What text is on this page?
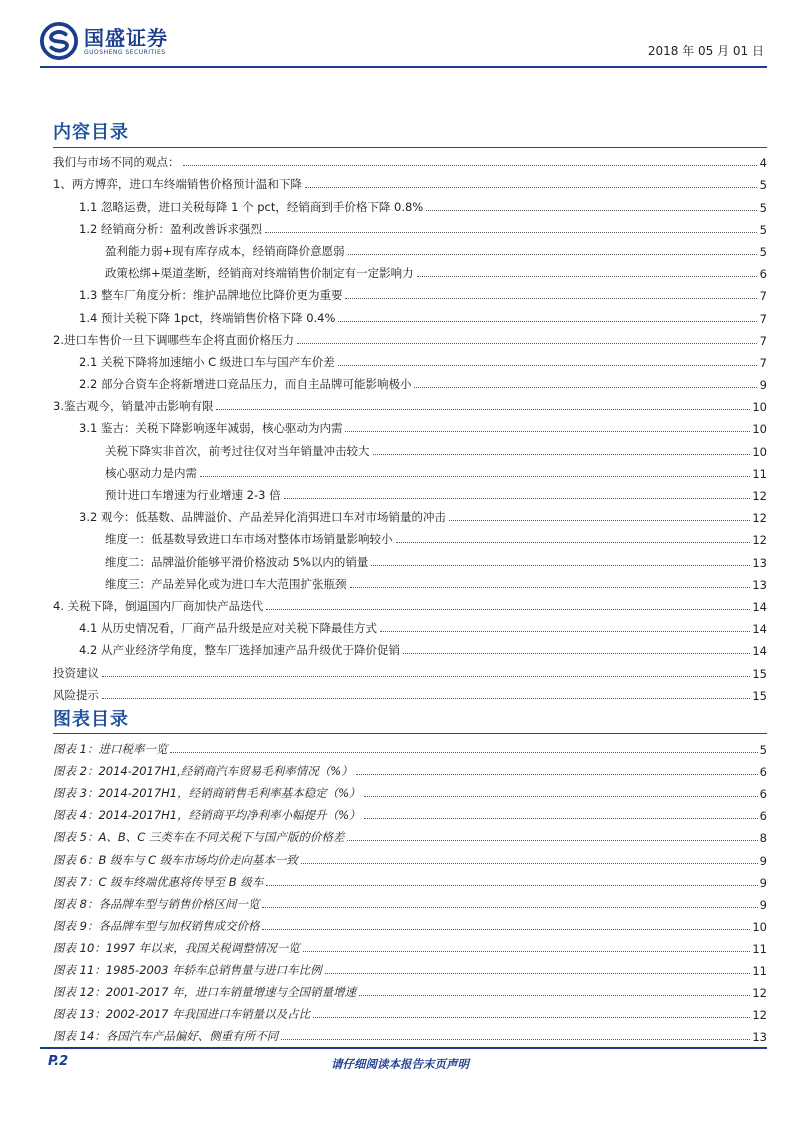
国盛证券
GUOSHENG SECURITIES	2018 年 05 月 01 日
内容目录
我们与市场不同的观点：	4
1、两方博弈，进口车终端销售价格预计温和下降	5
1.1 忽略运费，进口关税每降 1 个 pct，经销商到手价格下降 0.8%	5
1.2 经销商分析：盈利改善诉求强烈	5
盈利能力弱+现有库存成本，经销商降价意愿弱	5
政策松绑+渠道垄断，经销商对终端销售价制定有一定影响力	6
1.3 整车厂角度分析：维护品牌地位比降价更为重要	7
1.4 预计关税下降 1pct，终端销售价格下降 0.4%	7
2.进口车售价一旦下调哪些车企将直面价格压力	7
2.1 关税下降将加速缩小 C 级进口车与国产车价差	7
2.2 部分合资车企将新增进口竞品压力，而自主品牌可能影响极小	9
3.鉴古观今，销量冲击影响有限	10
3.1 鉴古：关税下降影响逐年减弱，核心驱动为内需	10
关税下降实非首次，前考过往仅对当年销量冲击较大	10
核心驱动力是内需	11
预计进口车增速为行业增速 2-3 倍	12
3.2 观今：低基数、品牌溢价、产品差异化消弭进口车对市场销量的冲击	12
维度一：低基数导致进口车市场对整体市场销量影响较小	12
维度二：品牌溢价能够平滑价格波动 5%以内的销量	13
维度三：产品差异化或为进口车大范围扩张瓶颈	13
4. 关税下降，倒逼国内厂商加快产品迭代	14
4.1 从历史情况看，厂商产品升级是应对关税下降最佳方式	14
4.2 从产业经济学角度，整车厂选择加速产品升级优于降价促销	14
投资建议	15
风险提示	15
图表目录
图表 1：进口税率一览	5
图表 2：2014-2017H1,经销商汽车贸易毛利率情况（%）	6
图表 3：2014-2017H1，经销商销售毛利率基本稳定（%）	6
图表 4：2014-2017H1，经销商平均净利率小幅提升（%）	6
图表 5：A、B、C 三类车在不同关税下与国产版的价格差	8
图表 6：B 级车与 C 级车市场均价走向基本一致	9
图表 7：C 级车终端优惠将传导至 B 级车	9
图表 8：各品牌车型与销售价格区间一览	9
图表 9：各品牌车型与加权销售成交价格	10
图表 10：1997 年以来，我国关税调整情况一览	11
图表 11：1985-2003 年轿车总销售量与进口车比例	11
图表 12：2001-2017 年，进口车销量增速与全国销量增速	12
图表 13：2002-2017 年我国进口车销量以及占比	12
图表 14：各国汽车产品偏好、侧重有所不同	13
P.2	请仔细阅读本报告末页声明
